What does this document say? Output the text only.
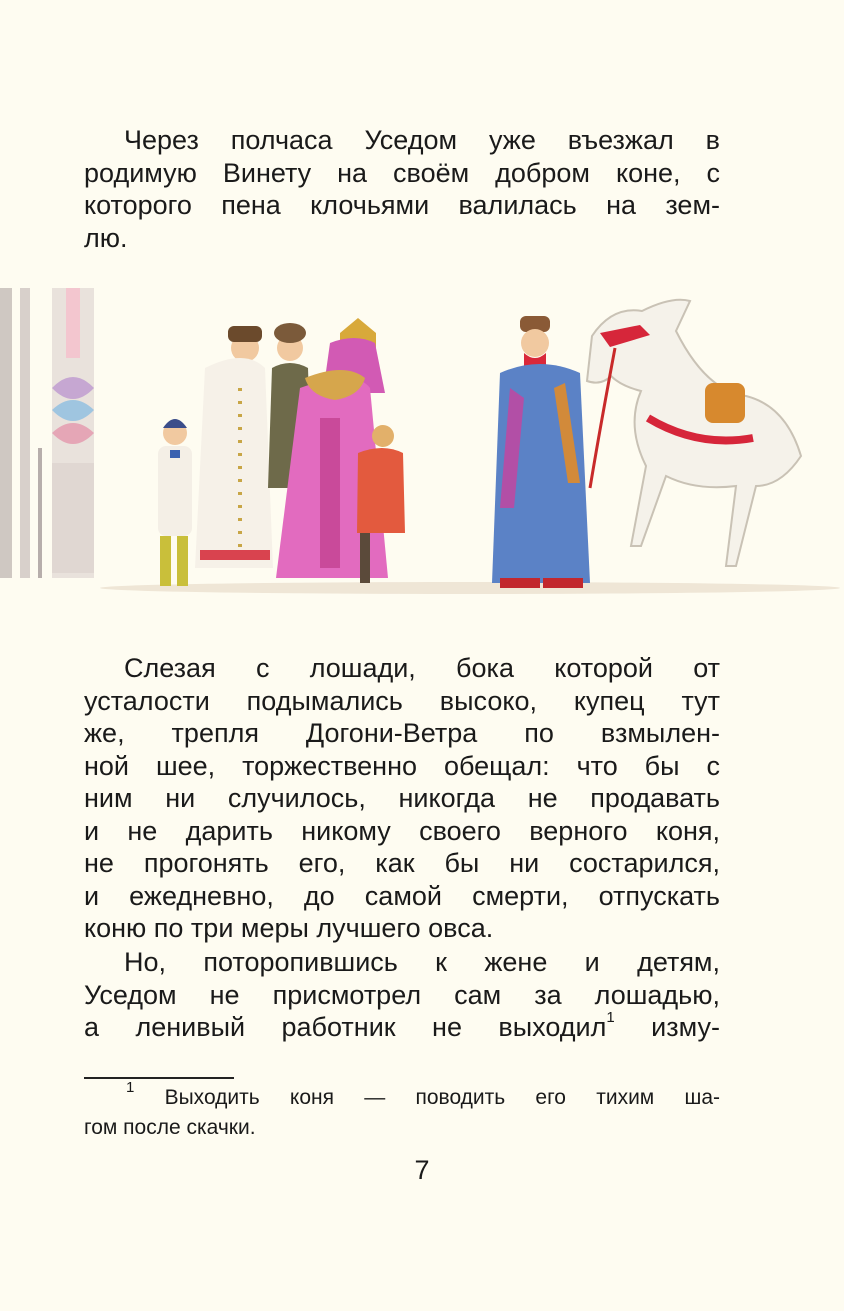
Через полчаса Уседом уже въезжал в
родимую Винету на своём добром коне, с
которого пена клочьями валилась на зем-
лю.
Слезая с лошади, бока которой от
усталости подымались высоко, купец тут
же, трепля Догони-Ветра по взмылен-
ной шее, торжественно обещал: что бы с
ним ни случилось, никогда не продавать
и не дарить никому своего верного коня,
не прогонять его, как бы ни состарился,
и ежедневно, до самой смерти, отпускать
коню по три меры лучшего овса.
Но, поторопившись к жене и детям,
Уседом не присмотрел сам за лошадью,
а ленивый работник не выходил$^1$ изму-
$^1$ Выходить коня — поводить его тихим ша-
гом после скачки.
7
